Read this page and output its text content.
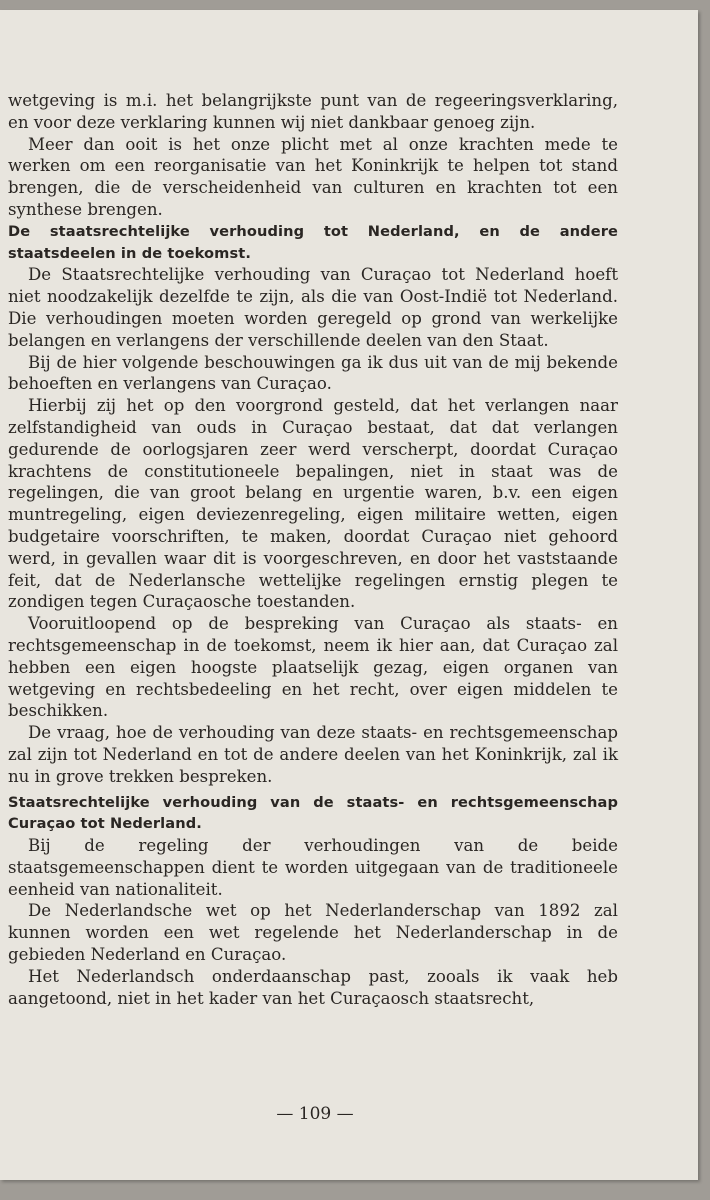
wetgeving is m.i. het belangrijkste punt van de regeeringsverklaring, en voor deze verklaring kunnen wij niet dankbaar genoeg zijn.

Meer dan ooit is het onze plicht met al onze krachten mede te werken om een reorganisatie van het Koninkrijk te helpen tot stand brengen, die de verscheidenheid van culturen en krachten tot een synthese brengen.

De staatsrechtelijke verhouding tot Nederland, en de andere staatsdeelen in de toekomst.

De Staatsrechtelijke verhouding van Curaçao tot Nederland hoeft niet noodzakelijk dezelfde te zijn, als die van Oost-Indië tot Nederland. Die verhoudingen moeten worden geregeld op grond van werkelijke belangen en verlangens der verschillende deelen van den Staat.

Bij de hier volgende beschouwingen ga ik dus uit van de mij bekende behoeften en verlangens van Curaçao.

Hierbij zij het op den voorgrond gesteld, dat het verlangen naar zelfstandigheid van ouds in Curaçao bestaat, dat dat verlangen gedurende de oorlogsjaren zeer werd verscherpt, doordat Curaçao krachtens de constitutioneele bepalingen, niet in staat was de regelingen, die van groot belang en urgentie waren, b.v. een eigen muntregeling, eigen deviezenregeling, eigen militaire wetten, eigen budgetaire voorschriften, te maken, doordat Curaçao niet gehoord werd, in gevallen waar dit is voorgeschreven, en door het vaststaande feit, dat de Nederlansche wettelijke regelingen ernstig plegen te zondigen tegen Curaçaosche toestanden.

Vooruitloopend op de bespreking van Curaçao als staats- en rechtsgemeenschap in de toekomst, neem ik hier aan, dat Curaçao zal hebben een eigen hoogste plaatselijk gezag, eigen organen van wetgeving en rechtsbedeeling en het recht, over eigen middelen te beschikken.

De vraag, hoe de verhouding van deze staats- en rechtsgemeenschap zal zijn tot Nederland en tot de andere deelen van het Koninkrijk, zal ik nu in grove trekken bespreken.

Staatsrechtelijke verhouding van de staats- en rechtsgemeenschap Curaçao tot Nederland.

Bij de regeling der verhoudingen van de beide staatsgemeenschappen dient te worden uitgegaan van de traditioneele eenheid van nationaliteit.

De Nederlandsche wet op het Nederlanderschap van 1892 zal kunnen worden een wet regelende het Nederlanderschap in de gebieden Nederland en Curaçao.

Het Nederlandsch onderdaanschap past, zooals ik vaak heb aangetoond, niet in het kader van het Curaçaosch staatsrecht,

— 109 —
